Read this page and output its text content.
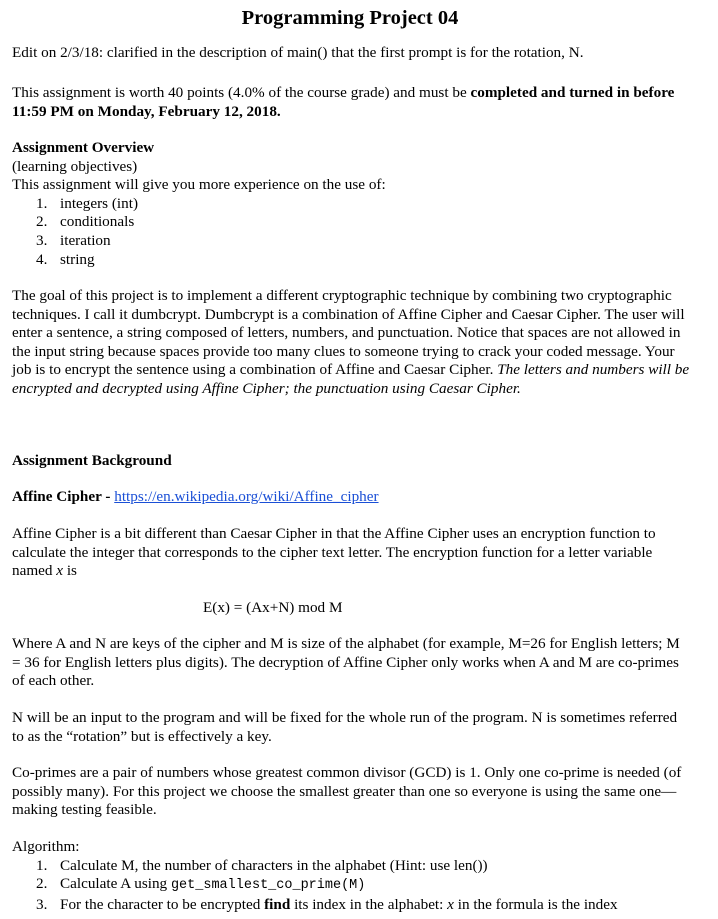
Programming Project 04

Edit on 2/3/18: clarified in the description of main() that the first prompt is for the rotation, N.

This assignment is worth 40 points (4.0% of the course grade) and must be completed and turned in before 11:59 PM on Monday, February 12, 2018.

Assignment Overview
(learning objectives)
This assignment will give you more experience on the use of:
1. integers (int)
2. conditionals
3. iteration
4. string

The goal of this project is to implement a different cryptographic technique by combining two cryptographic techniques. I call it dumbcrypt. Dumbcrypt is a combination of Affine Cipher and Caesar Cipher. The user will enter a sentence, a string composed of letters, numbers, and punctuation. Notice that spaces are not allowed in the input string because spaces provide too many clues to someone trying to crack your coded message. Your job is to encrypt the sentence using a combination of Affine and Caesar Cipher. The letters and numbers will be encrypted and decrypted using Affine Cipher; the punctuation using Caesar Cipher.

Assignment Background
Affine Cipher - https://en.wikipedia.org/wiki/Affine_cipher

Affine Cipher is a bit different than Caesar Cipher in that the Affine Cipher uses an encryption function to calculate the integer that corresponds to the cipher text letter. The encryption function for a letter variable named x is

E(x) = (Ax+N) mod M

Where A and N are keys of the cipher and M is size of the alphabet (for example, M=26 for English letters; M = 36 for English letters plus digits). The decryption of Affine Cipher only works when A and M are co-primes of each other.

N will be an input to the program and will be fixed for the whole run of the program. N is sometimes referred to as the “rotation” but is effectively a key.

Co-primes are a pair of numbers whose greatest common divisor (GCD) is 1. Only one co-prime is needed (of possibly many). For this project we choose the smallest greater than one so everyone is using the same one—making testing feasible.

Algorithm:
1. Calculate M, the number of characters in the alphabet (Hint: use len())
2. Calculate A using get_smallest_co_prime(M)
3. For the character to be encrypted find its index in the alphabet: x in the formula is the index
